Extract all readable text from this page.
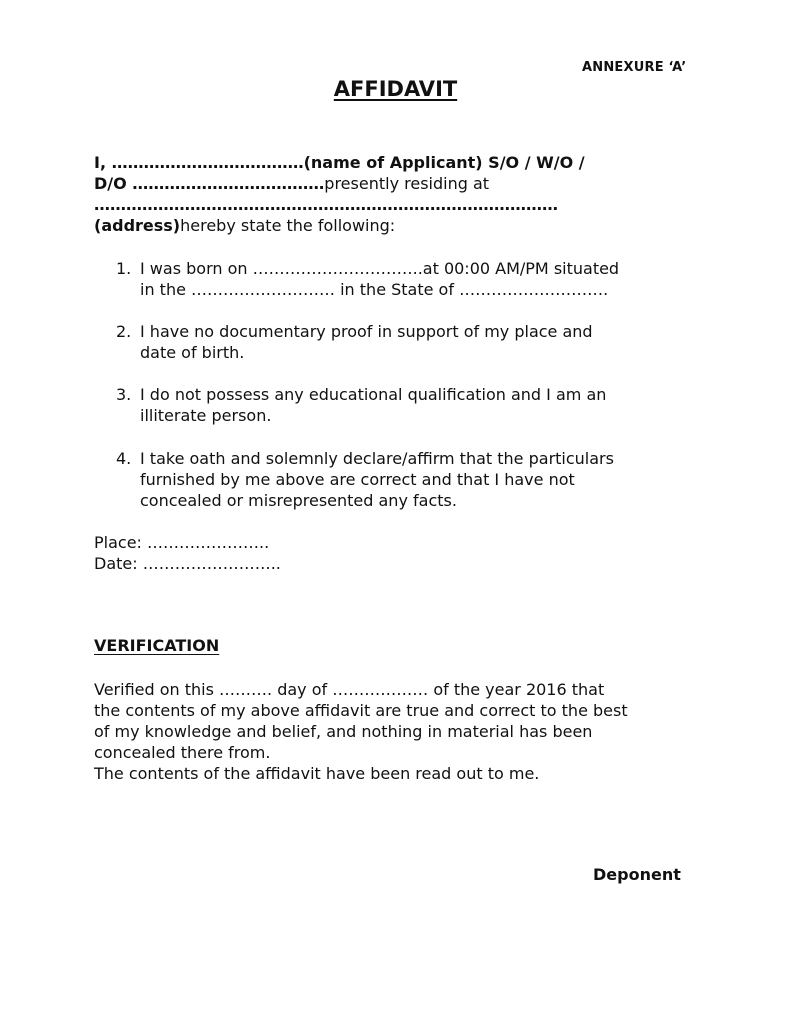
ANNEXURE ‘A’
AFFIDAVIT
I, ………………………………(name of Applicant) S/O / W/O /
D/O ………………………………presently residing at
……………………………………………………………………………
(address)hereby state the following:
1. I was born on …………………………..at 00:00 AM/PM situated
in the ……………………… in the State of ……………………….
2. I have no documentary proof in support of my place and
date of birth.
3. I do not possess any educational qualification and I am an
illiterate person.
4. I take oath and solemnly declare/affirm that the particulars
furnished by me above are correct and that I have not
concealed or misrepresented any facts.
Place: …………………..
Date: ……………………..
VERIFICATION
Verified on this ………. day of ……………… of the year 2016 that
the contents of my above affidavit are true and correct to the best
of my knowledge and belief, and nothing in material has been
concealed there from.
The contents of the affidavit have been read out to me.
Deponent
